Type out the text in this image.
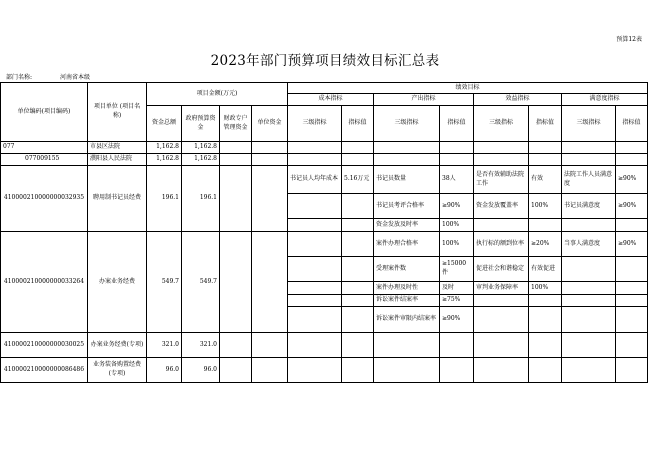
预算12表
2023年部门预算项目绩效目标汇总表
部门名称:	河南省本级
单位编码(项目编码)	项目单位 (项目名称)	项目金额(万元)				绩效目标							
						成本指标		产出指标		效益指标		满意度指标	
		资金总额	政府预算资金	财政专户管理资金	单位资金	三级指标	指标值	三级指标	指标值	三级指标	指标值	三级指标	指标值
077	市县区法院	1,162.8	1,162.8										
077009155	濮阳县人民法院	1,162.8	1,162.8										
410000210000000032935	聘用制书记员经费	196.1	196.1			书记员人均年成本	5.16万元	书记员数量	38人	是否有效辅助法院工作	有效	法院工作人员满意度	≥90%
								书记员考评合格率	≥90%	资金发放覆盖率	100%	书记员满意度	≥90%
								资金发放及时率	100%				
410000210000000033264	办案业务经费	549.7	549.7					案件办理合格率	100%	执行标的额到位率	≥20%	当事人满意度	≥90%
								受理案件数	≥15000件	促进社会和谐稳定	有效促进		
								案件办理及时性	及时	审判业务保障率	100%		
								诉讼案件结案率	≥75%				
								诉讼案件审限内结案率	≥90%				
410000210000000030025	办案业务经费(专项)	321.0	321.0										
410000210000000086486	业务装备购置经费(专项)	96.0	96.0										
